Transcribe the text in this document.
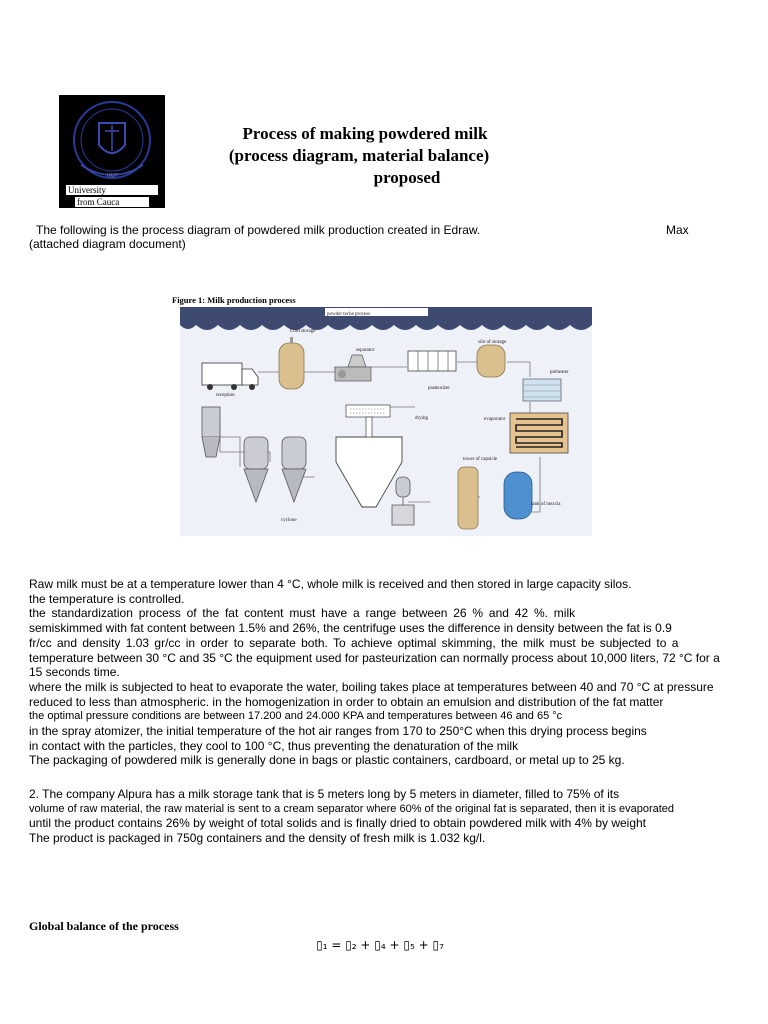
1827
University
from Cauca
Process of making powdered milk
(process diagram, material balance)
proposed
The following is the process diagram of powdered milk production created in Edraw.	Max
(attached diagram document)
Figure 1: Milk production process
powder teche process
reception
Cold storage
separator
pasteurizer
silo of storage
preheater
evaporator
drying
tower of capsicle
tank of mezcla
cyclone
Raw milk must be at a temperature lower than 4 °C, whole milk is received and then stored in large capacity silos.
the temperature is controlled.
the standardization process of the fat content must have a range between 26 % and 42 %. milk
semiskimmed with fat content between 1.5% and 26%, the centrifuge uses the difference in density between the fat is 0.9
fr/cc and density 1.03 gr/cc in order to separate both. To achieve optimal skimming, the milk must be subjected to a
temperature between 30 °C and 35 °C the equipment used for pasteurization can normally process about 10,000 liters, 72 °C for a
15 seconds time.
where the milk is subjected to heat to evaporate the water, boiling takes place at temperatures between 40 and 70 °C at pressure
reduced to less than atmospheric. in the homogenization in order to obtain an emulsion and distribution of the fat matter
the optimal pressure conditions are between 17.200 and 24.000 KPA and temperatures between 46 and 65 °c
in the spray atomizer, the initial temperature of the hot air ranges from 170 to 250°C when this drying process begins
in contact with the particles, they cool to 100 °C, thus preventing the denaturation of the milk
The packaging of powdered milk is generally done in bags or plastic containers, cardboard, or metal up to 25 kg.
2. The company Alpura has a milk storage tank that is 5 meters long by 5 meters in diameter, filled to 75% of its
volume of raw material, the raw material is sent to a cream separator where 60% of the original fat is separated, then it is evaporated
until the product contains 26% by weight of total solids and is finally dried to obtain powdered milk with 4% by weight
The product is packaged in 750g containers and the density of fresh milk is 1.032 kg/l.
Global balance of the process
▯₁ = ▯₂ + ▯₄ + ▯₅ + ▯₇
